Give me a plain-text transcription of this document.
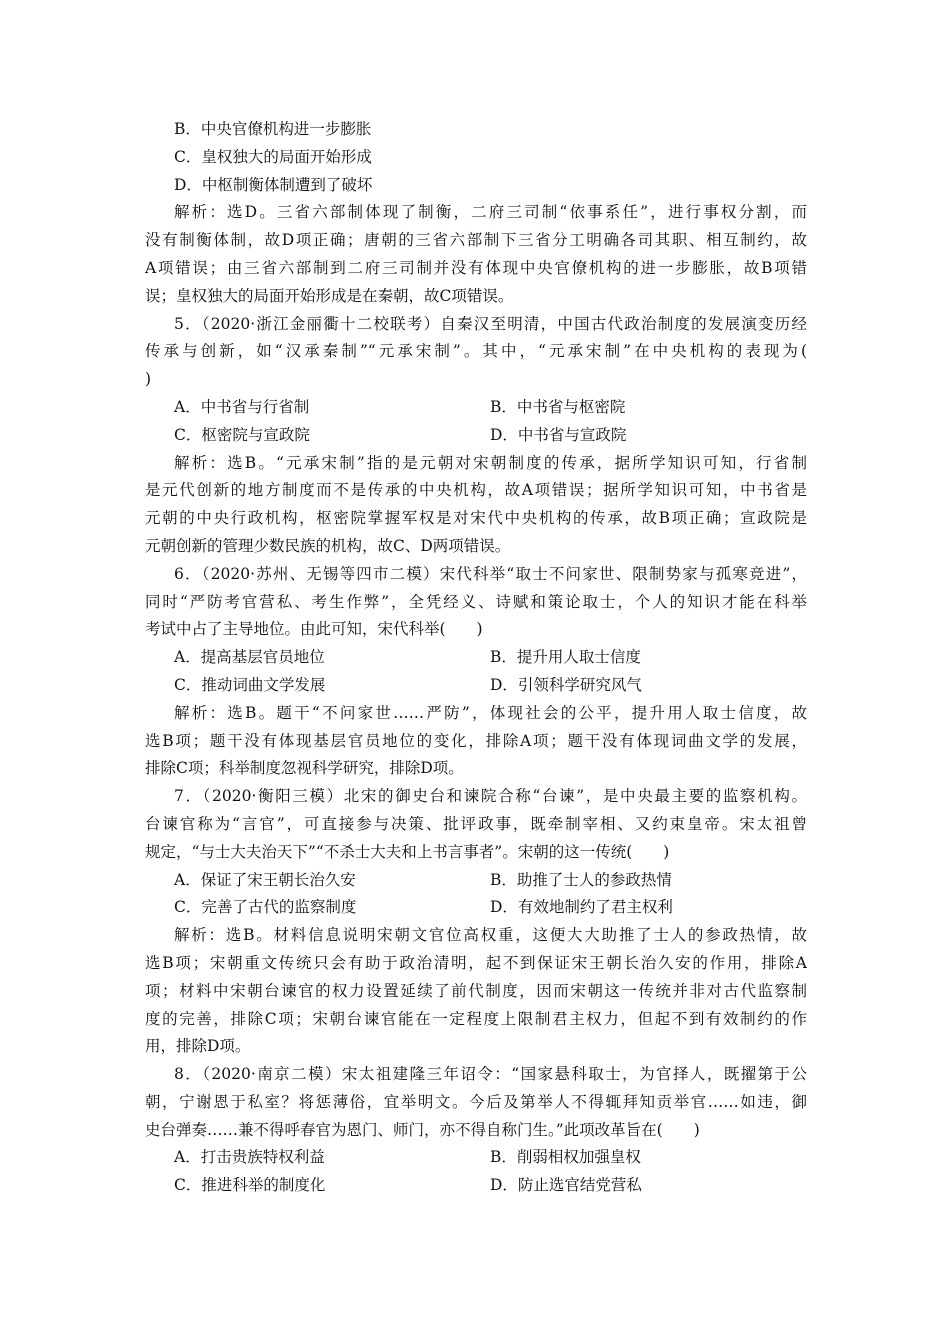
B．中央官僚机构进一步膨胀
C．皇权独大的局面开始形成
D．中枢制衡体制遭到了破坏
解析：选D。三省六部制体现了制衡，二府三司制“依事系任”，进行事权分割，而
没有制衡体制，故D项正确；唐朝的三省六部制下三省分工明确各司其职、相互制约，故
A项错误；由三省六部制到二府三司制并没有体现中央官僚机构的进一步膨胀，故B项错
误；皇权独大的局面开始形成是在秦朝，故C项错误。
5．（2020·浙江金丽衢十二校联考）自秦汉至明清，中国古代政治制度的发展演变历经
传承与创新，如“汉承秦制”“元承宋制”。其中，“元承宋制”在中央机构的表现为(
)
A．中书省与行省制	B．中书省与枢密院
C．枢密院与宣政院	D．中书省与宣政院
解析：选B。“元承宋制”指的是元朝对宋朝制度的传承，据所学知识可知，行省制
是元代创新的地方制度而不是传承的中央机构，故A项错误；据所学知识可知，中书省是
元朝的中央行政机构，枢密院掌握军权是对宋代中央机构的传承，故B项正确；宣政院是
元朝创新的管理少数民族的机构，故C、D两项错误。
6．（2020·苏州、无锡等四市二模）宋代科举“取士不问家世、限制势家与孤寒竞进”，
同时“严防考官营私、考生作弊”，全凭经义、诗赋和策论取士，个人的知识才能在科举
考试中占了主导地位。由此可知，宋代科举(　　)
A．提高基层官员地位	B．提升用人取士信度
C．推动词曲文学发展	D．引领科学研究风气
解析：选B。题干“不问家世……严防”，体现社会的公平，提升用人取士信度，故
选B项；题干没有体现基层官员地位的变化，排除A项；题干没有体现词曲文学的发展，
排除C项；科举制度忽视科学研究，排除D项。
7．（2020·衡阳三模）北宋的御史台和谏院合称“台谏”，是中央最主要的监察机构。
台谏官称为“言官”，可直接参与决策、批评政事，既牵制宰相、又约束皇帝。宋太祖曾
规定，“与士大夫治天下”“不杀士大夫和上书言事者”。宋朝的这一传统(　　)
A．保证了宋王朝长治久安	B．助推了士人的参政热情
C．完善了古代的监察制度	D．有效地制约了君主权利
解析：选B。材料信息说明宋朝文官位高权重，这便大大助推了士人的参政热情，故
选B项；宋朝重文传统只会有助于政治清明，起不到保证宋王朝长治久安的作用，排除A
项；材料中宋朝台谏官的权力设置延续了前代制度，因而宋朝这一传统并非对古代监察制
度的完善，排除C项；宋朝台谏官能在一定程度上限制君主权力，但起不到有效制约的作
用，排除D项。
8．（2020·南京二模）宋太祖建隆三年诏令：“国家悬科取士，为官择人，既擢第于公
朝，宁谢恩于私室？将惩薄俗，宜举明文。今后及第举人不得辄拜知贡举官……如违，御
史台弹奏……兼不得呼春官为恩门、师门，亦不得自称门生。”此项改革旨在(　　)
A．打击贵族特权利益	B．削弱相权加强皇权
C．推进科举的制度化	D．防止选官结党营私
